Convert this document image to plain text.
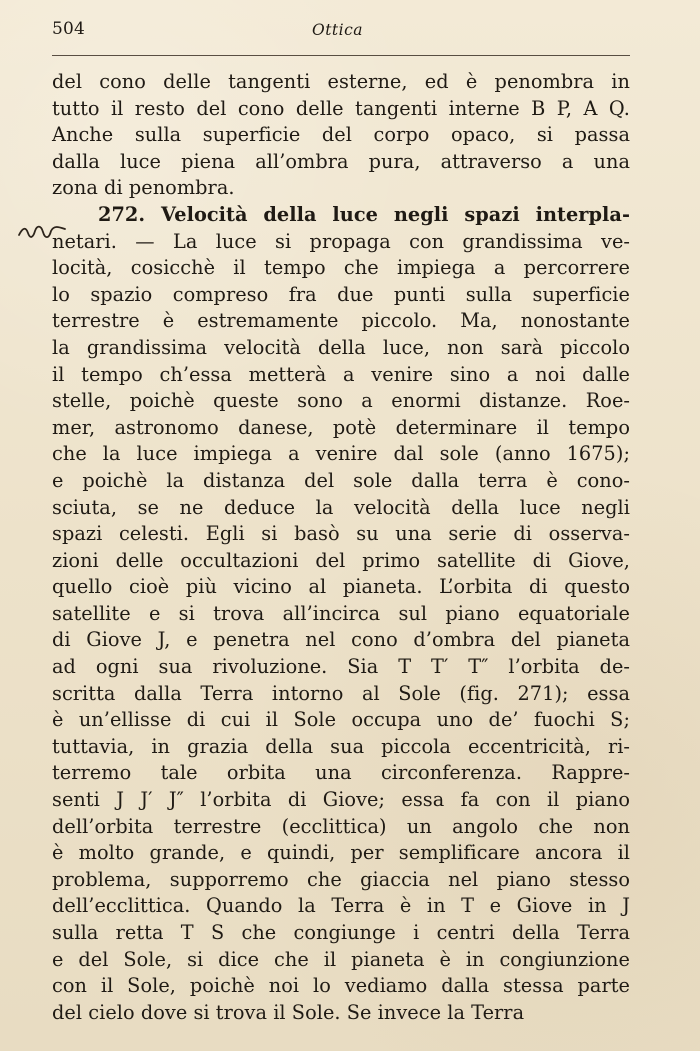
504	Ottica
del cono delle tangenti esterne, ed è penombra in
tutto il resto del cono delle tangenti interne B P, A Q.
Anche sulla superficie del corpo opaco, si passa
dalla luce piena all’ombra pura, attraverso a una
zona di penombra.
272. Velocità della luce negli spazi interpla-
netari. — La luce si propaga con grandissima ve-
locità, cosicchè il tempo che impiega a percorrere
lo spazio compreso fra due punti sulla superficie
terrestre è estremamente piccolo. Ma, nonostante
la grandissima velocità della luce, non sarà piccolo
il tempo ch’essa metterà a venire sino a noi dalle
stelle, poichè queste sono a enormi distanze. Roe-
mer, astronomo danese, potè determinare il tempo
che la luce impiega a venire dal sole (anno 1675);
e poichè la distanza del sole dalla terra è cono-
sciuta, se ne deduce la velocità della luce negli
spazi celesti. Egli si basò su una serie di osserva-
zioni delle occultazioni del primo satellite di Giove,
quello cioè più vicino al pianeta. L’orbita di questo
satellite e si trova all’incirca sul piano equatoriale
di Giove J, e penetra nel cono d’ombra del pianeta
ad ogni sua rivoluzione. Sia T T′ T″ l’orbita de-
scritta dalla Terra intorno al Sole (fig. 271); essa
è un’ellisse di cui il Sole occupa uno de’ fuochi S;
tuttavia, in grazia della sua piccola eccentricità, ri-
terremo tale orbita una circonferenza. Rappre-
senti J J′ J″ l’orbita di Giove; essa fa con il piano
dell’orbita terrestre (ecclittica) un angolo che non
è molto grande, e quindi, per semplificare ancora il
problema, supporremo che giaccia nel piano stesso
dell’ecclittica. Quando la Terra è in T e Giove in J
sulla retta T S che congiunge i centri della Terra
e del Sole, si dice che il pianeta è in congiunzione
con il Sole, poichè noi lo vediamo dalla stessa parte
del cielo dove si trova il Sole. Se invece la Terra
